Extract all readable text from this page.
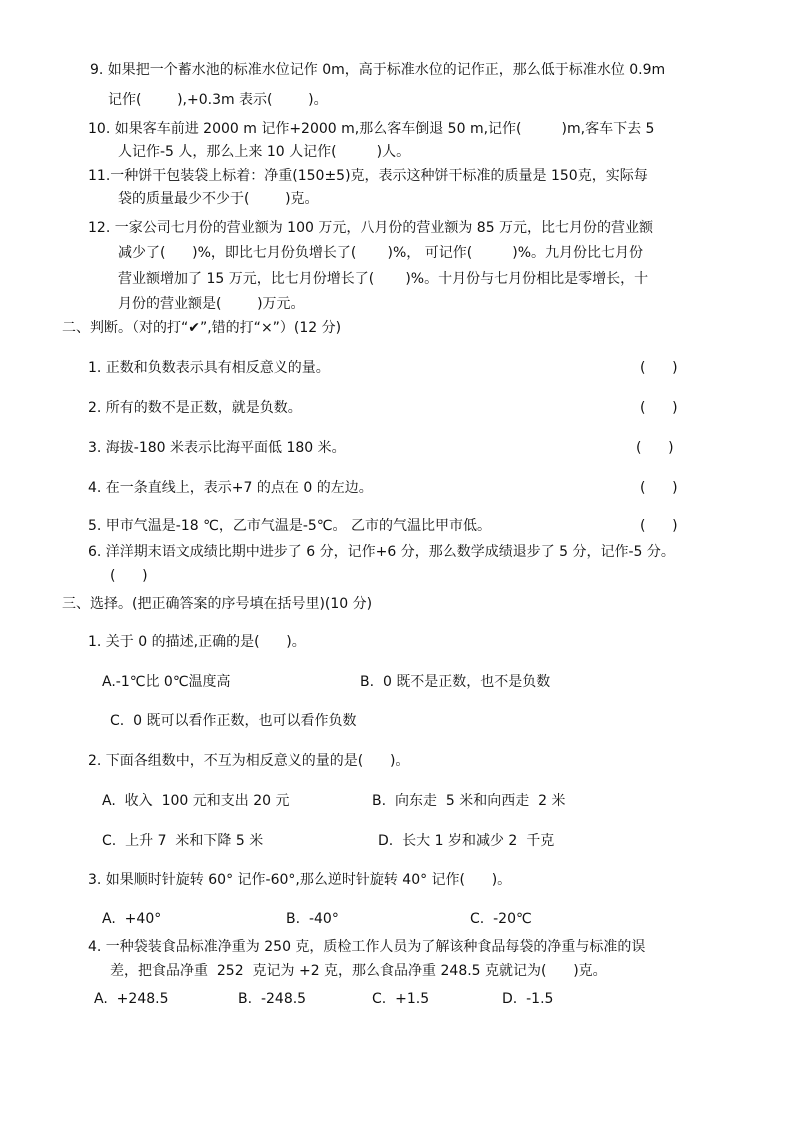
9. 如果把一个蓄水池的标准水位记作 0m，高于标准水位的记作正，那么低于标准水位 0.9m
记作(        ),+0.3m 表示(        )。
10. 如果客车前进 2000 m 记作+2000 m,那么客车倒退 50 m,记作(         )m,客车下去 5
人记作-5 人，那么上来 10 人记作(         )人。
11.一种饼干包装袋上标着：净重(150±5)克，表示这种饼干标准的质量是 150克，实际每
袋的质量最少不少于(        )克。
12. 一家公司七月份的营业额为 100 万元，八月份的营业额为 85 万元，比七月份的营业额
减少了(      )%，即比七月份负增长了(       )%， 可记作(         )%。九月份比七月份
营业额增加了 15 万元，比七月份增长了(       )%。十月份与七月份相比是零增长，十
月份的营业额是(        )万元。
二、判断。（对的打“✔”,错的打“×”）(12 分)
1. 正数和负数表示具有相反意义的量。	(      )
2. 所有的数不是正数，就是负数。	(      )
3. 海拔-180 米表示比海平面低 180 米。	(      )
4. 在一条直线上，表示+7 的点在 0 的左边。	(      )
5. 甲市气温是-18 ℃，乙市气温是-5℃。 乙市的气温比甲市低。	(      )
6. 洋洋期末语文成绩比期中进步了 6 分，记作+6 分，那么数学成绩退步了 5 分，记作-5 分。
(      )
三、选择。(把正确答案的序号填在括号里)(10 分)
1. 关于 0 的描述,正确的是(      )。
A.-1℃比 0℃温度高	B.  0 既不是正数，也不是负数
C.  0 既可以看作正数，也可以看作负数
2. 下面各组数中，不互为相反意义的量的是(      )。
A.  收入  100 元和支出 20 元	B.  向东走  5 米和向西走  2 米
C.  上升 7  米和下降 5 米	D.  长大 1 岁和减少 2  千克
3. 如果顺时针旋转 60° 记作-60°,那么逆时针旋转 40° 记作(      )。
A.  +40°	B.  -40°	C.  -20℃
4. 一种袋装食品标准净重为 250 克，质检工作人员为了解该种食品每袋的净重与标准的误
差，把食品净重  252  克记为 +2 克，那么食品净重 248.5 克就记为(      )克。
A.  +248.5	B.  -248.5	C.  +1.5	D.  -1.5
